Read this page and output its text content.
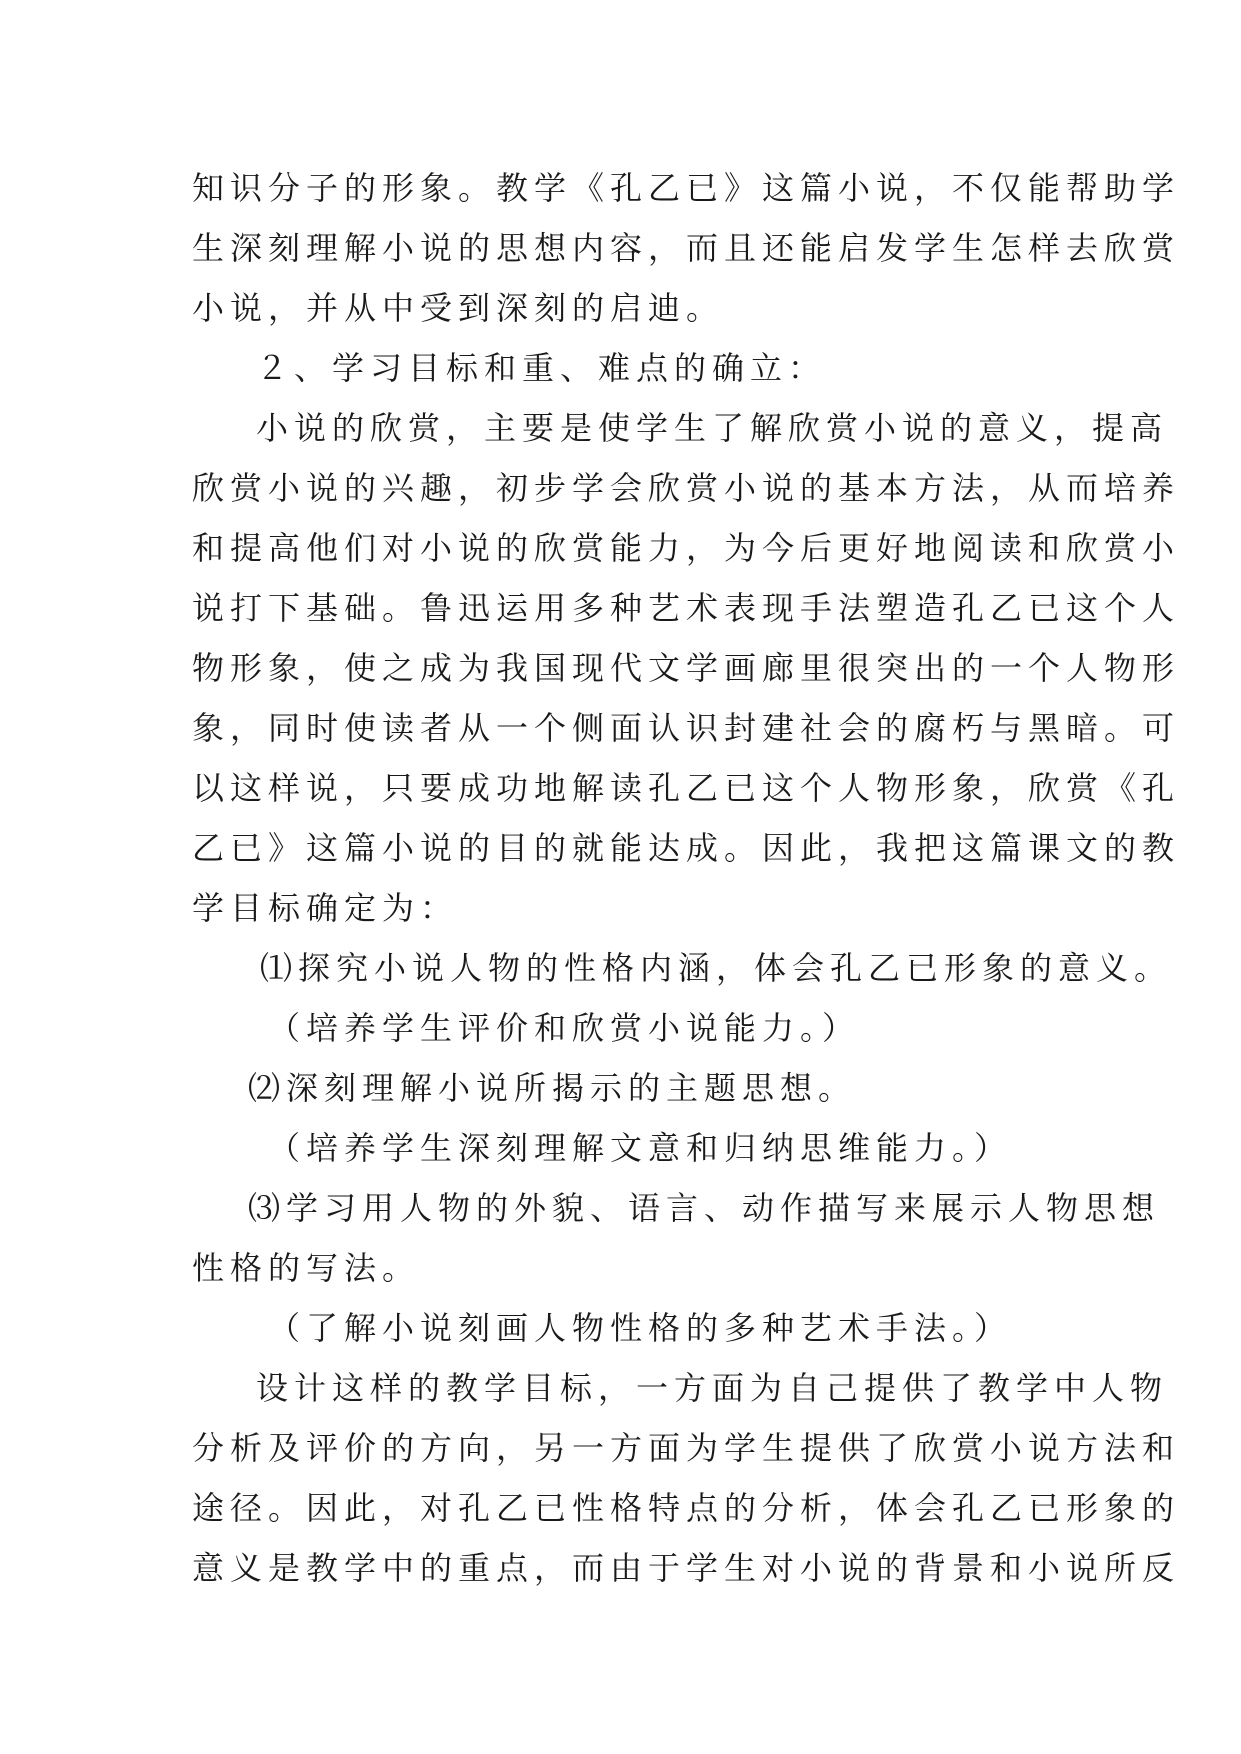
知识分子的形象。教学《孔乙已》这篇小说，不仅能帮助学
生深刻理解小说的思想内容，而且还能启发学生怎样去欣赏
小说，并从中受到深刻的启迪。
２、学习目标和重、难点的确立：
小说的欣赏，主要是使学生了解欣赏小说的意义，提高
欣赏小说的兴趣，初步学会欣赏小说的基本方法，从而培养
和提高他们对小说的欣赏能力，为今后更好地阅读和欣赏小
说打下基础。鲁迅运用多种艺术表现手法塑造孔乙已这个人
物形象，使之成为我国现代文学画廊里很突出的一个人物形
象，同时使读者从一个侧面认识封建社会的腐朽与黑暗。可
以这样说，只要成功地解读孔乙已这个人物形象，欣赏《孔
乙已》这篇小说的目的就能达成。因此，我把这篇课文的教
学目标确定为：
⑴探究小说人物的性格内涵，体会孔乙已形象的意义。
（培养学生评价和欣赏小说能力。）
⑵深刻理解小说所揭示的主题思想。
（培养学生深刻理解文意和归纳思维能力。）
⑶学习用人物的外貌、语言、动作描写来展示人物思想
性格的写法。
（了解小说刻画人物性格的多种艺术手法。）
设计这样的教学目标，一方面为自己提供了教学中人物
分析及评价的方向，另一方面为学生提供了欣赏小说方法和
途径。因此，对孔乙已性格特点的分析，体会孔乙已形象的
意义是教学中的重点，而由于学生对小说的背景和小说所反
